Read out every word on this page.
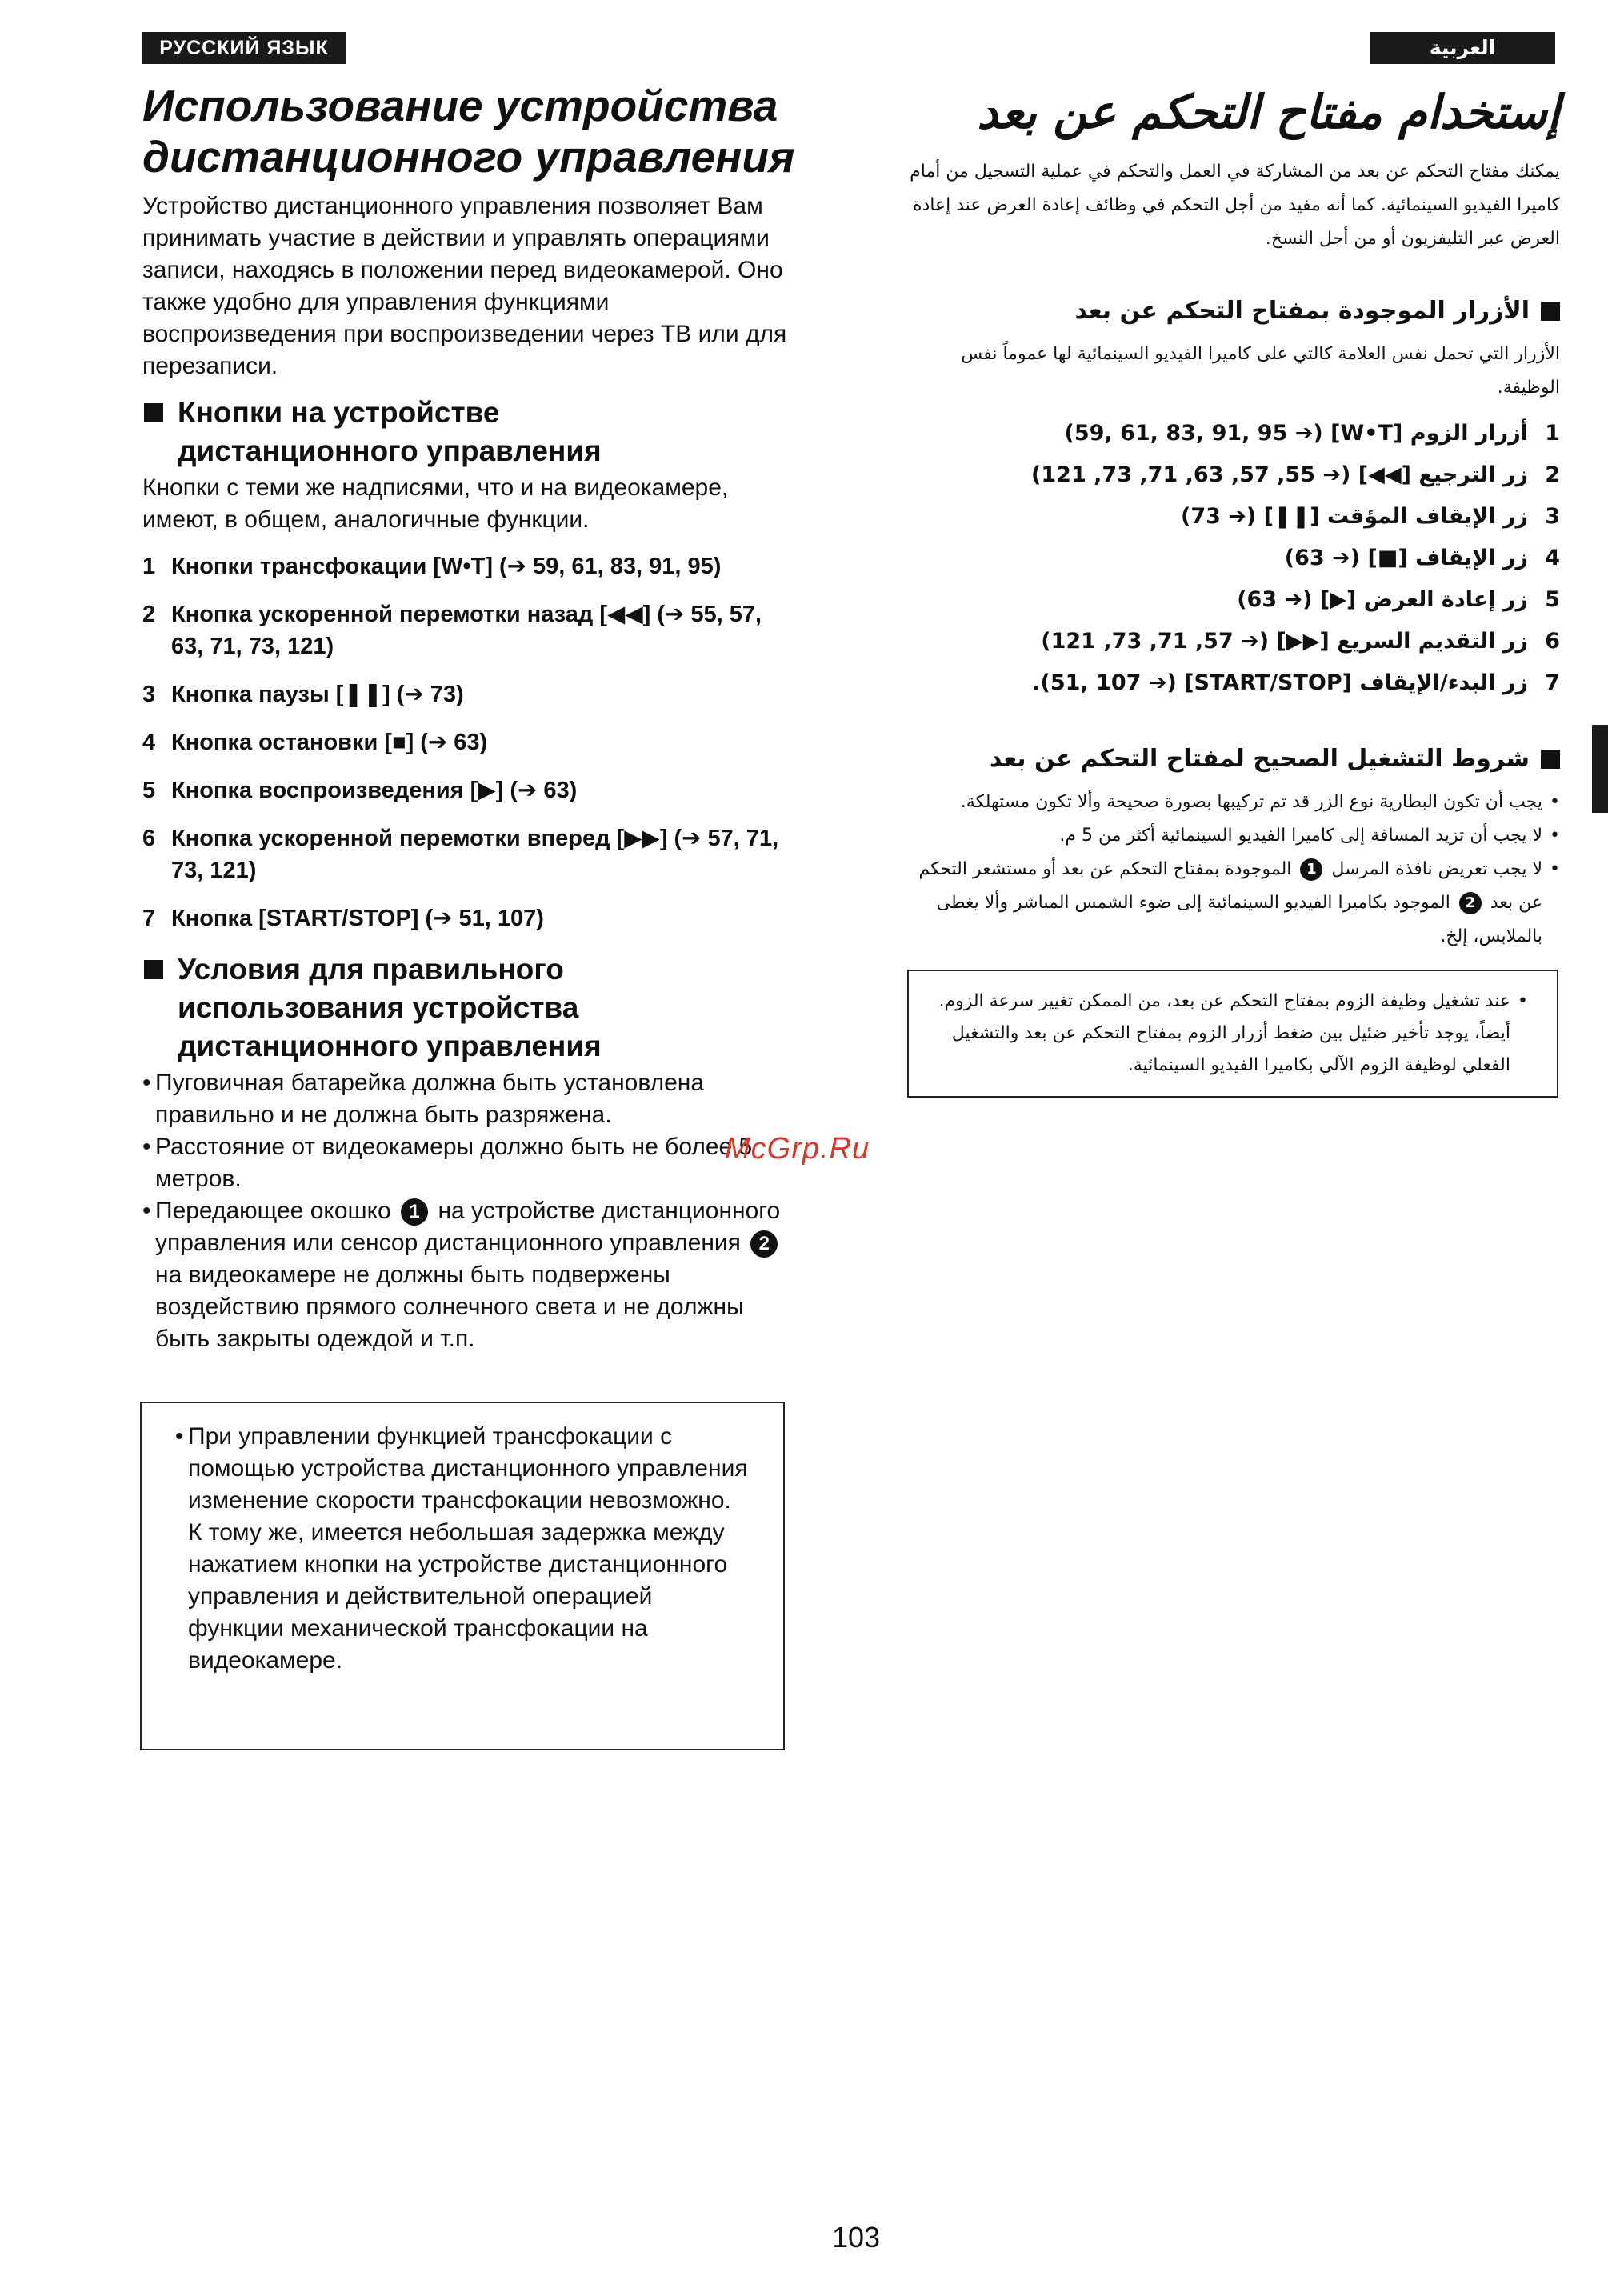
РУССКИЙ ЯЗЫК	العربية
Использование устройства
дистанционного управления

Устройство дистанционного управления позволяет Вам принимать участие в действии и управлять операциями записи, находясь в положении перед видеокамерой. Оно также удобно для управления функциями воспроизведения при воспроизведении через ТВ или для перезаписи.

Кнопки на устройстве
дистанционного управления

Кнопки с теми же надписями, что и на видеокамере, имеют, в общем, аналогичные функции.

1 Кнопки трансфокации [W•T] (➔ 59, 61, 83, 91, 95)
2 Кнопка ускоренной перемотки назад [◀◀] (➔ 55, 57, 63, 71, 73, 121)
3 Кнопка паузы [❚❚] (➔ 73)
4 Кнопка остановки [■] (➔ 63)
5 Кнопка воспроизведения [▶] (➔ 63)
6 Кнопка ускоренной перемотки вперед [▶▶] (➔ 57, 71, 73, 121)
7 Кнопка [START/STOP] (➔ 51, 107)
Условия для правильного
использования устройства
дистанционного управления
• Пуговичная батарейка должна быть установлена правильно и не должна быть разряжена.
• Расстояние от видеокамеры должно быть не более 5 метров.
• Передающее окошко 1 на устройстве дистанционного управления или сенсор дистанционного управления 2 на видеокамере не должны быть подвержены воздействию прямого солнечного света и не должны быть закрыты одеждой и т.п.
• При управлении функцией трансфокации с помощью устройства дистанционного управления изменение скорости трансфокации невозможно. К тому же, имеется небольшая задержка между нажатием кнопки на устройстве дистанционного управления и действительной операцией функции механической трансфокации на видеокамере.
إستخدام مفتاح التحكم عن بعد

يمكنك مفتاح التحكم عن بعد من المشاركة في العمل والتحكم في عملية التسجيل من أمام كاميرا الفيديو السينمائية. كما أنه مفيد من أجل التحكم في وظائف إعادة العرض عند إعادة العرض عبر التليفزيون أو من أجل النسخ.

الأزرار الموجودة بمفتاح التحكم عن بعد

الأزرار التي تحمل نفس العلامة كالتي على كاميرا الفيديو السينمائية لها عموماً نفس الوظيفة.

1
أزرار الزوم [W•T] (➔ 59, 61, 83, 91, 95)
2
زر الترجيع [◀◀] (➔ 55, 57, 63, 71, 73, 121)
3
زر الإيقاف المؤقت [❚❚] (➔ 73)
4
زر الإيقاف [■] (➔ 63)
5
زر إعادة العرض [▶] (➔ 63)
6
زر التقديم السريع [▶▶] (➔ 57, 71, 73, 121)
7
زر البدء/الإيقاف [START/STOP] (➔ 51, 107).
شروط التشغيل الصحيح لمفتاح التحكم عن بعد
•
يجب أن تكون البطارية نوع الزر قد تم تركيبها بصورة صحيحة وألا تكون مستهلكة.
•
لا يجب أن تزيد المسافة إلى كاميرا الفيديو السينمائية أكثر من 5 م.
•
لا يجب تعريض نافذة المرسل 1 الموجودة بمفتاح التحكم عن بعد أو مستشعر التحكم عن بعد 2 الموجود بكاميرا الفيديو السينمائية إلى ضوء الشمس المباشر وألا يغطى بالملابس، إلخ.
•
عند تشغيل وظيفة الزوم بمفتاح التحكم عن بعد، من الممكن تغيير سرعة الزوم. أيضاً، يوجد تأخير ضئيل بين ضغط أزرار الزوم بمفتاح التحكم عن بعد والتشغيل الفعلي لوظيفة الزوم الآلي بكاميرا الفيديو السينمائية.
McGrp.Ru
103
